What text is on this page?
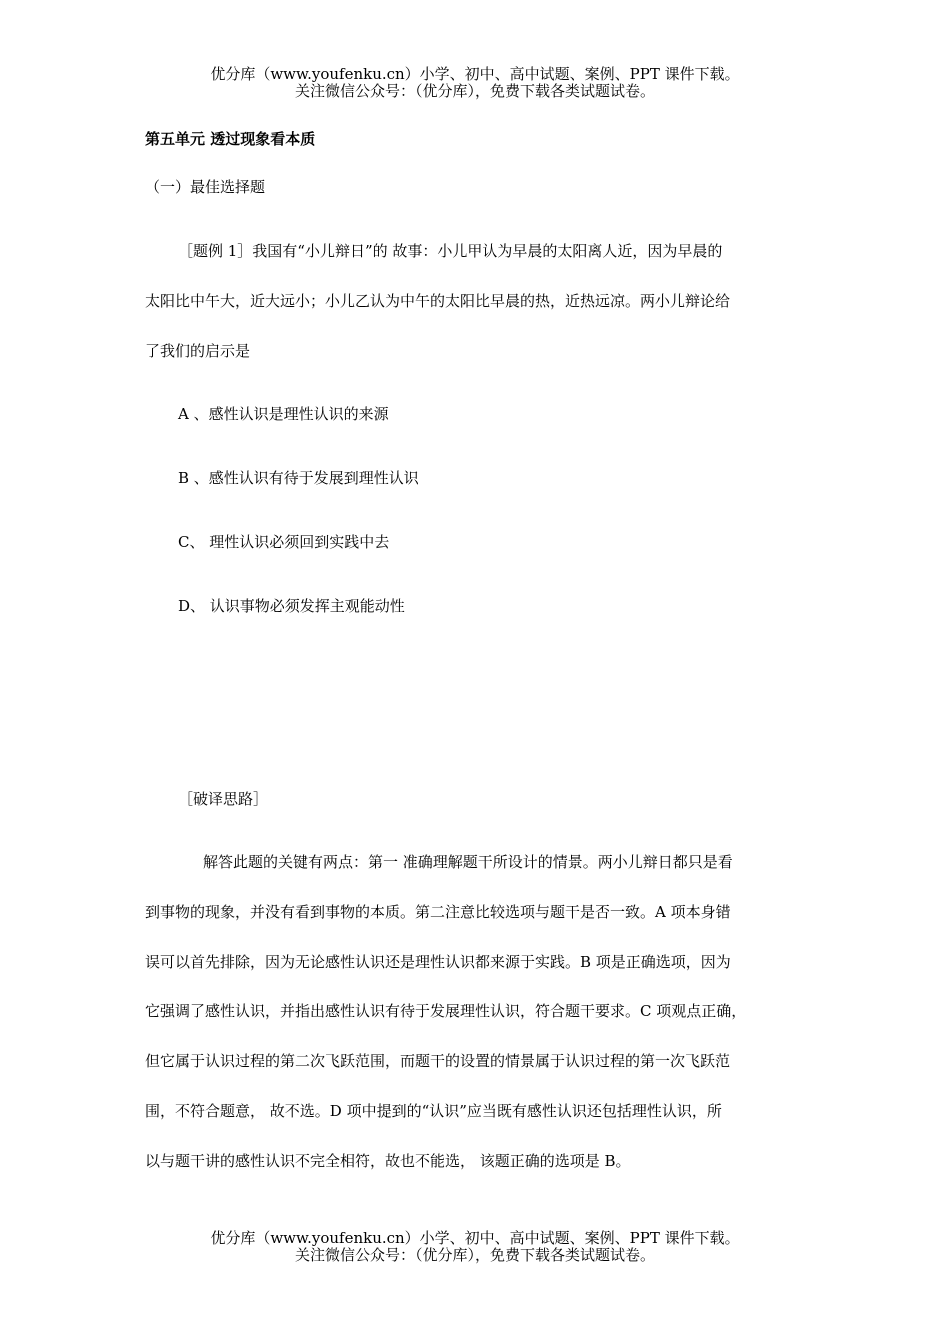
优分库（www.youfenku.cn）小学、初中、高中试题、案例、PPT 课件下载。
关注微信公众号：（优分库），免费下载各类试题试卷。
第五单元 透过现象看本质
（一）最佳选择题
［题例 1］我国有“小儿辩日”的 故事：小儿甲认为早晨的太阳离人近，因为早晨的
太阳比中午大，近大远小；小儿乙认为中午的太阳比早晨的热，近热远凉。两小儿辩论给
了我们的启示是
A 、感性认识是理性认识的来源
B 、感性认识有待于发展到理性认识
C、 理性认识必须回到实践中去
D、 认识事物必须发挥主观能动性
［破译思路］
解答此题的关键有两点：第一 准确理解题干所设计的情景。两小儿辩日都只是看
到事物的现象，并没有看到事物的本质。第二注意比较选项与题干是否一致。A 项本身错
误可以首先排除，因为无论感性认识还是理性认识都来源于实践。B 项是正确选项，因为
它强调了感性认识，并指出感性认识有待于发展理性认识，符合题干要求。C 项观点正确，
但它属于认识过程的第二次飞跃范围，而题干的设置的情景属于认识过程的第一次飞跃范
围，不符合题意， 故不选。D 项中提到的“认识”应当既有感性认识还包括理性认识，所
以与题干讲的感性认识不完全相符，故也不能选， 该题正确的选项是 B。
优分库（www.youfenku.cn）小学、初中、高中试题、案例、PPT 课件下载。
关注微信公众号：（优分库），免费下载各类试题试卷。
